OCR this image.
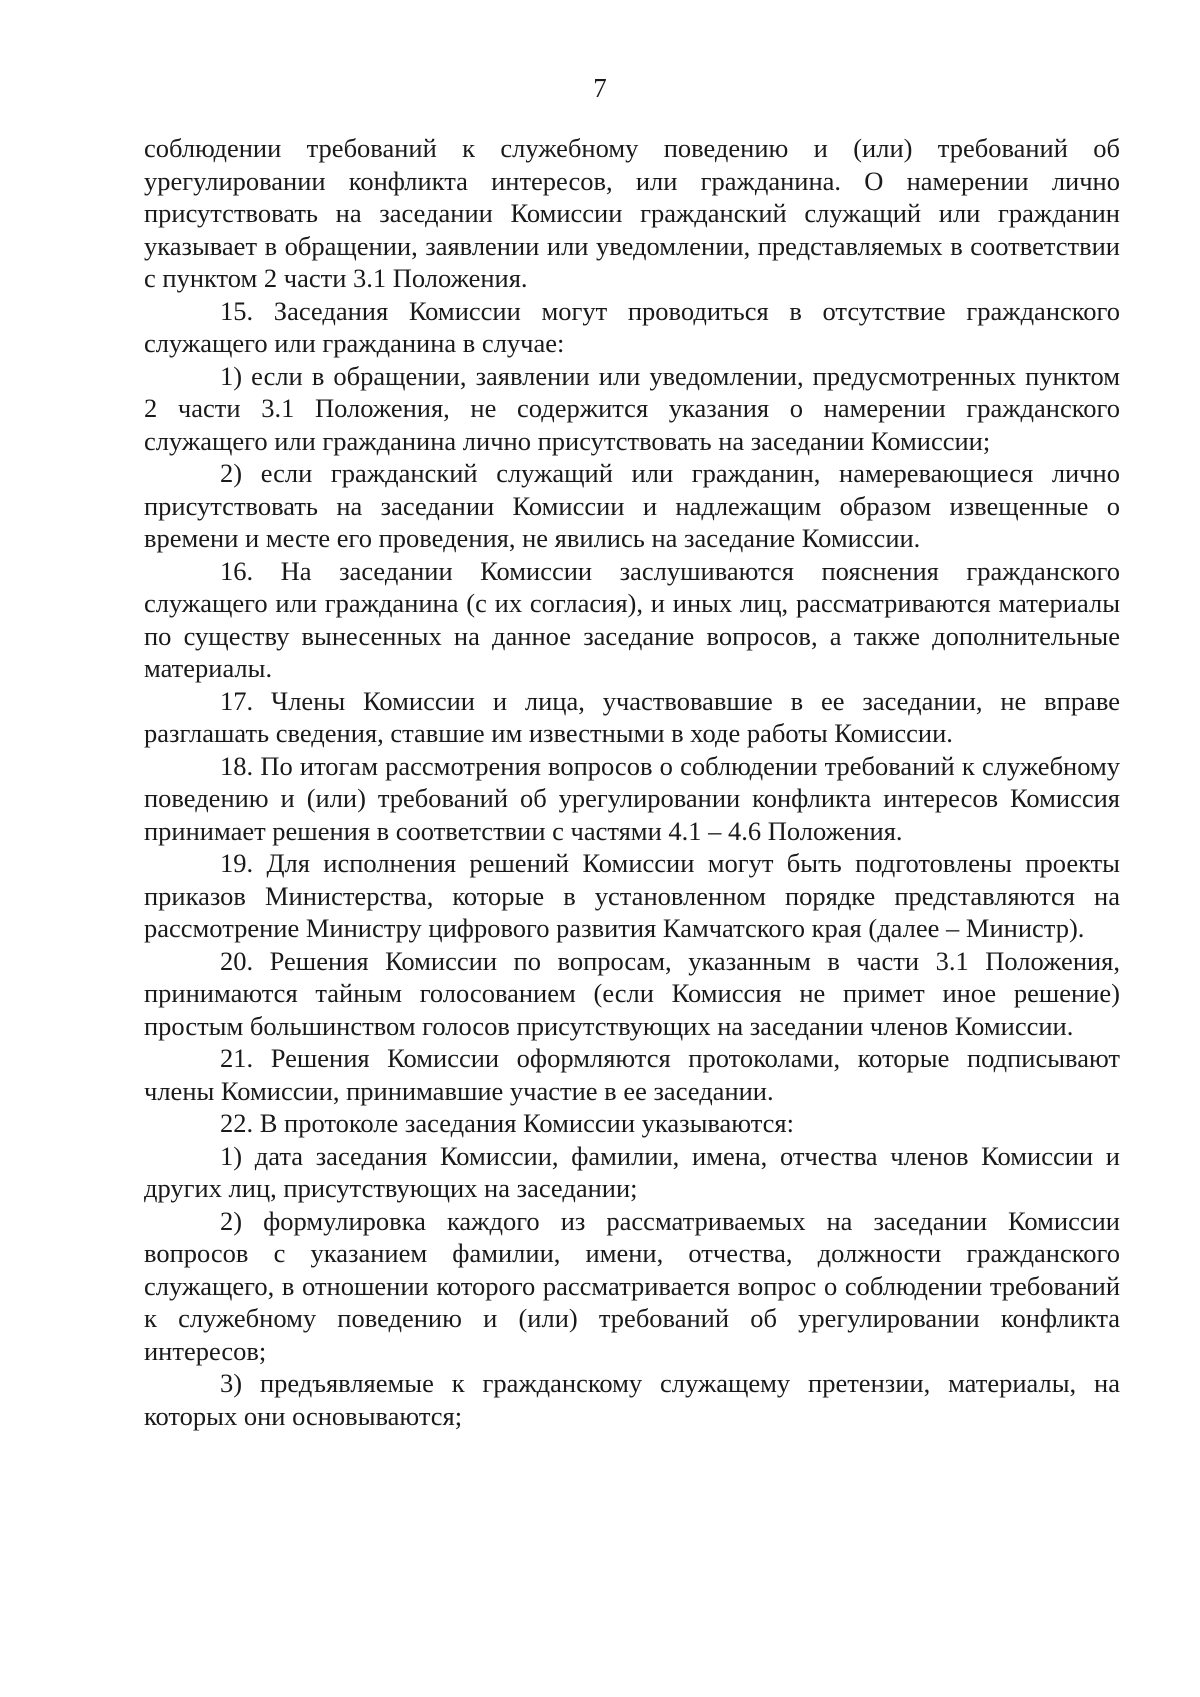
7

соблюдении требований к служебному поведению и (или) требований об урегулировании конфликта интересов, или гражданина. О намерении лично присутствовать на заседании Комиссии гражданский служащий или гражданин указывает в обращении, заявлении или уведомлении, представляемых в соответствии с пунктом 2 части 3.1 Положения.

15. Заседания Комиссии могут проводиться в отсутствие гражданского служащего или гражданина в случае:

1) если в обращении, заявлении или уведомлении, предусмотренных пунктом 2 части 3.1 Положения, не содержится указания о намерении гражданского служащего или гражданина лично присутствовать на заседании Комиссии;

2) если гражданский служащий или гражданин, намеревающиеся лично присутствовать на заседании Комиссии и надлежащим образом извещенные о времени и месте его проведения, не явились на заседание Комиссии.

16. На заседании Комиссии заслушиваются пояснения гражданского служащего или гражданина (с их согласия), и иных лиц, рассматриваются материалы по существу вынесенных на данное заседание вопросов, а также дополнительные материалы.

17. Члены Комиссии и лица, участвовавшие в ее заседании, не вправе разглашать сведения, ставшие им известными в ходе работы Комиссии.

18. По итогам рассмотрения вопросов о соблюдении требований к служебному поведению и (или) требований об урегулировании конфликта интересов Комиссия принимает решения в соответствии с частями 4.1 – 4.6 Положения.

19. Для исполнения решений Комиссии могут быть подготовлены проекты приказов Министерства, которые в установленном порядке представляются на рассмотрение Министру цифрового развития Камчатского края (далее – Министр).

20. Решения Комиссии по вопросам, указанным в части 3.1 Положения, принимаются тайным голосованием (если Комиссия не примет иное решение) простым большинством голосов присутствующих на заседании членов Комиссии.

21. Решения Комиссии оформляются протоколами, которые подписывают члены Комиссии, принимавшие участие в ее заседании.

22. В протоколе заседания Комиссии указываются:

1) дата заседания Комиссии, фамилии, имена, отчества членов Комиссии и других лиц, присутствующих на заседании;

2) формулировка каждого из рассматриваемых на заседании Комиссии вопросов с указанием фамилии, имени, отчества, должности гражданского служащего, в отношении которого рассматривается вопрос о соблюдении требований к служебному поведению и (или) требований об урегулировании конфликта интересов;

3) предъявляемые к гражданскому служащему претензии, материалы, на которых они основываются;
